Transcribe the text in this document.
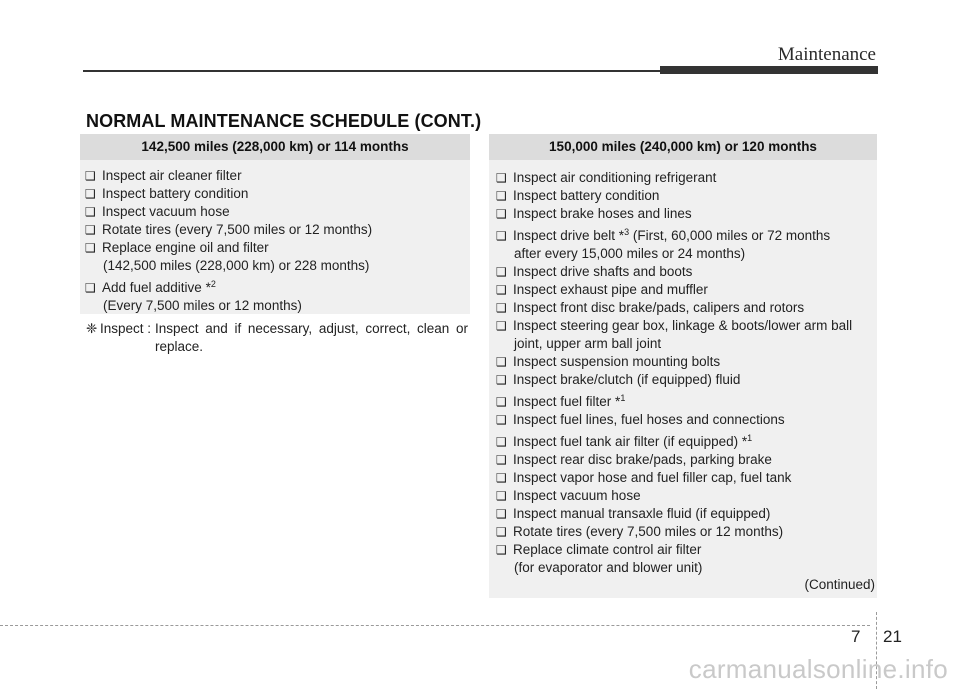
Maintenance
NORMAL MAINTENANCE SCHEDULE (CONT.)
142,500 miles (228,000 km) or 114 months
❑ Inspect air cleaner filter
❑ Inspect battery condition
❑ Inspect vacuum hose
❑ Rotate tires (every 7,500 miles or 12 months)
❑ Replace engine oil and filter
(142,500 miles (228,000 km) or 228 months)
❑ Add fuel additive *$^2$
(Every 7,500 miles or 12 months)
❈ Inspect : Inspect and if necessary, adjust, correct, clean or replace.
150,000 miles (240,000 km) or 120 months
❑ Inspect air conditioning refrigerant
❑ Inspect battery condition
❑ Inspect brake hoses and lines
❑ Inspect drive belt *$^3$ (First, 60,000 miles or 72 months
after every 15,000 miles or 24 months)
❑ Inspect drive shafts and boots
❑ Inspect exhaust pipe and muffler
❑ Inspect front disc brake/pads, calipers and rotors
❑ Inspect steering gear box, linkage & boots/lower arm ball
joint, upper arm ball joint
❑ Inspect suspension mounting bolts
❑ Inspect brake/clutch (if equipped) fluid
❑ Inspect fuel filter *$^1$
❑ Inspect fuel lines, fuel hoses and connections
❑ Inspect fuel tank air filter (if equipped) *$^1$
❑ Inspect rear disc brake/pads, parking brake
❑ Inspect vapor hose and fuel filler cap, fuel tank
❑ Inspect vacuum hose
❑ Inspect manual transaxle fluid (if equipped)
❑ Rotate tires (every 7,500 miles or 12 months)
❑ Replace climate control air filter
(for evaporator and blower unit)
(Continued)
7 21
carmanualsonline.info
